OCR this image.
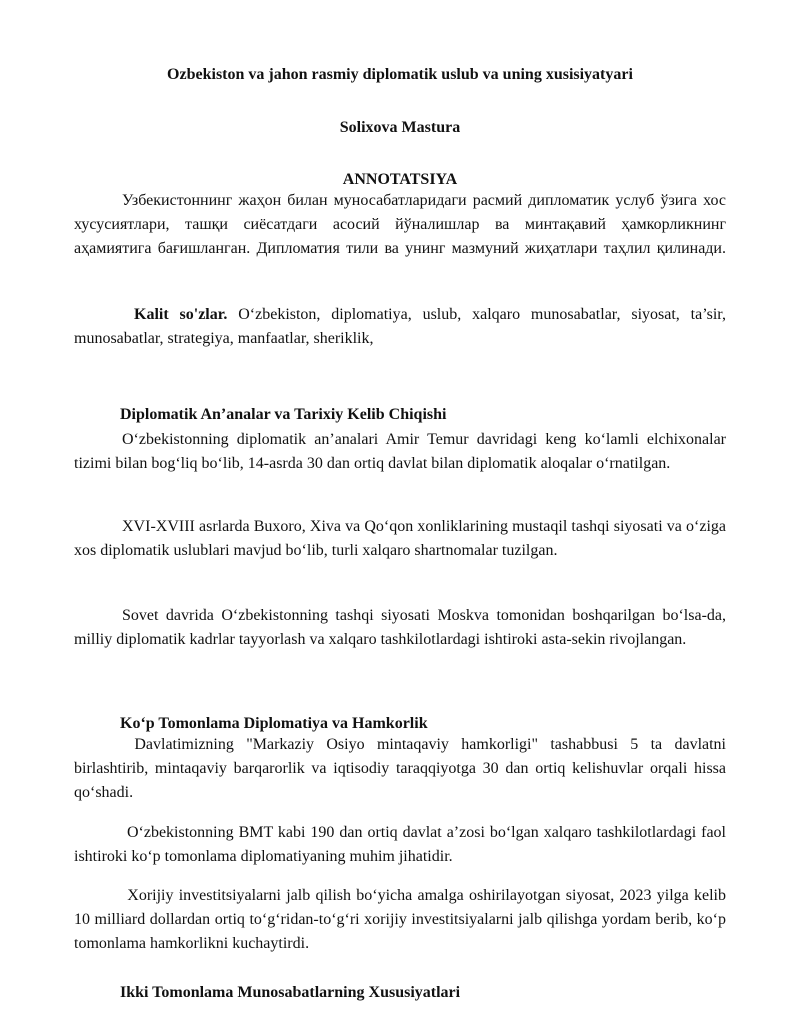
Ozbekiston va jahon rasmiy diplomatik uslub va uning xusisiyatyari
Solixova Mastura
ANNOTATSIYA

Узбекистоннинг жаҳон билан муносабатларидаги расмий дипломатик услуб ўзига хос хусусиятлари, ташқи сиёсатдаги асосий йўналишлар ва минтақавий ҳамкорликнинг аҳамиятига бағишланган. Дипломатия тили ва унинг мазмуний жиҳатлари таҳлил қилинади.

Kalit so'zlar. O‘zbekiston, diplomatiya, uslub, xalqaro munosabatlar, siyosat, ta’sir, munosabatlar, strategiya, manfaatlar, sheriklik,

Diplomatik An’analar va Tarixiy Kelib Chiqishi

O‘zbekistonning diplomatik an’analari Amir Temur davridagi keng ko‘lamli elchixonalar tizimi bilan bog‘liq bo‘lib, 14-asrda 30 dan ortiq davlat bilan diplomatik aloqalar o‘rnatilgan.

XVI-XVIII asrlarda Buxoro, Xiva va Qo‘qon xonliklarining mustaqil tashqi siyosati va o‘ziga xos diplomatik uslublari mavjud bo‘lib, turli xalqaro shartnomalar tuzilgan.

Sovet davrida O‘zbekistonning tashqi siyosati Moskva tomonidan boshqarilgan bo‘lsa-da, milliy diplomatik kadrlar tayyorlash va xalqaro tashkilotlardagi ishtiroki asta-sekin rivojlangan.

Ko‘p Tomonlama Diplomatiya va Hamkorlik

Davlatimizning "Markaziy Osiyo mintaqaviy hamkorligi" tashabbusi 5 ta davlatni birlashtirib, mintaqaviy barqarorlik va iqtisodiy taraqqiyotga 30 dan ortiq kelishuvlar orqali hissa qo‘shadi.

O‘zbekistonning BMT kabi 190 dan ortiq davlat a’zosi bo‘lgan xalqaro tashkilotlardagi faol ishtiroki ko‘p tomonlama diplomatiyaning muhim jihatidir.

Xorijiy investitsiyalarni jalb qilish bo‘yicha amalga oshirilayotgan siyosat, 2023 yilga kelib 10 milliard dollardan ortiq to‘g‘ridan-to‘g‘ri xorijiy investitsiyalarni jalb qilishga yordam berib, ko‘p tomonlama hamkorlikni kuchaytirdi.

Ikki Tomonlama Munosabatlarning Xususiyatlari
